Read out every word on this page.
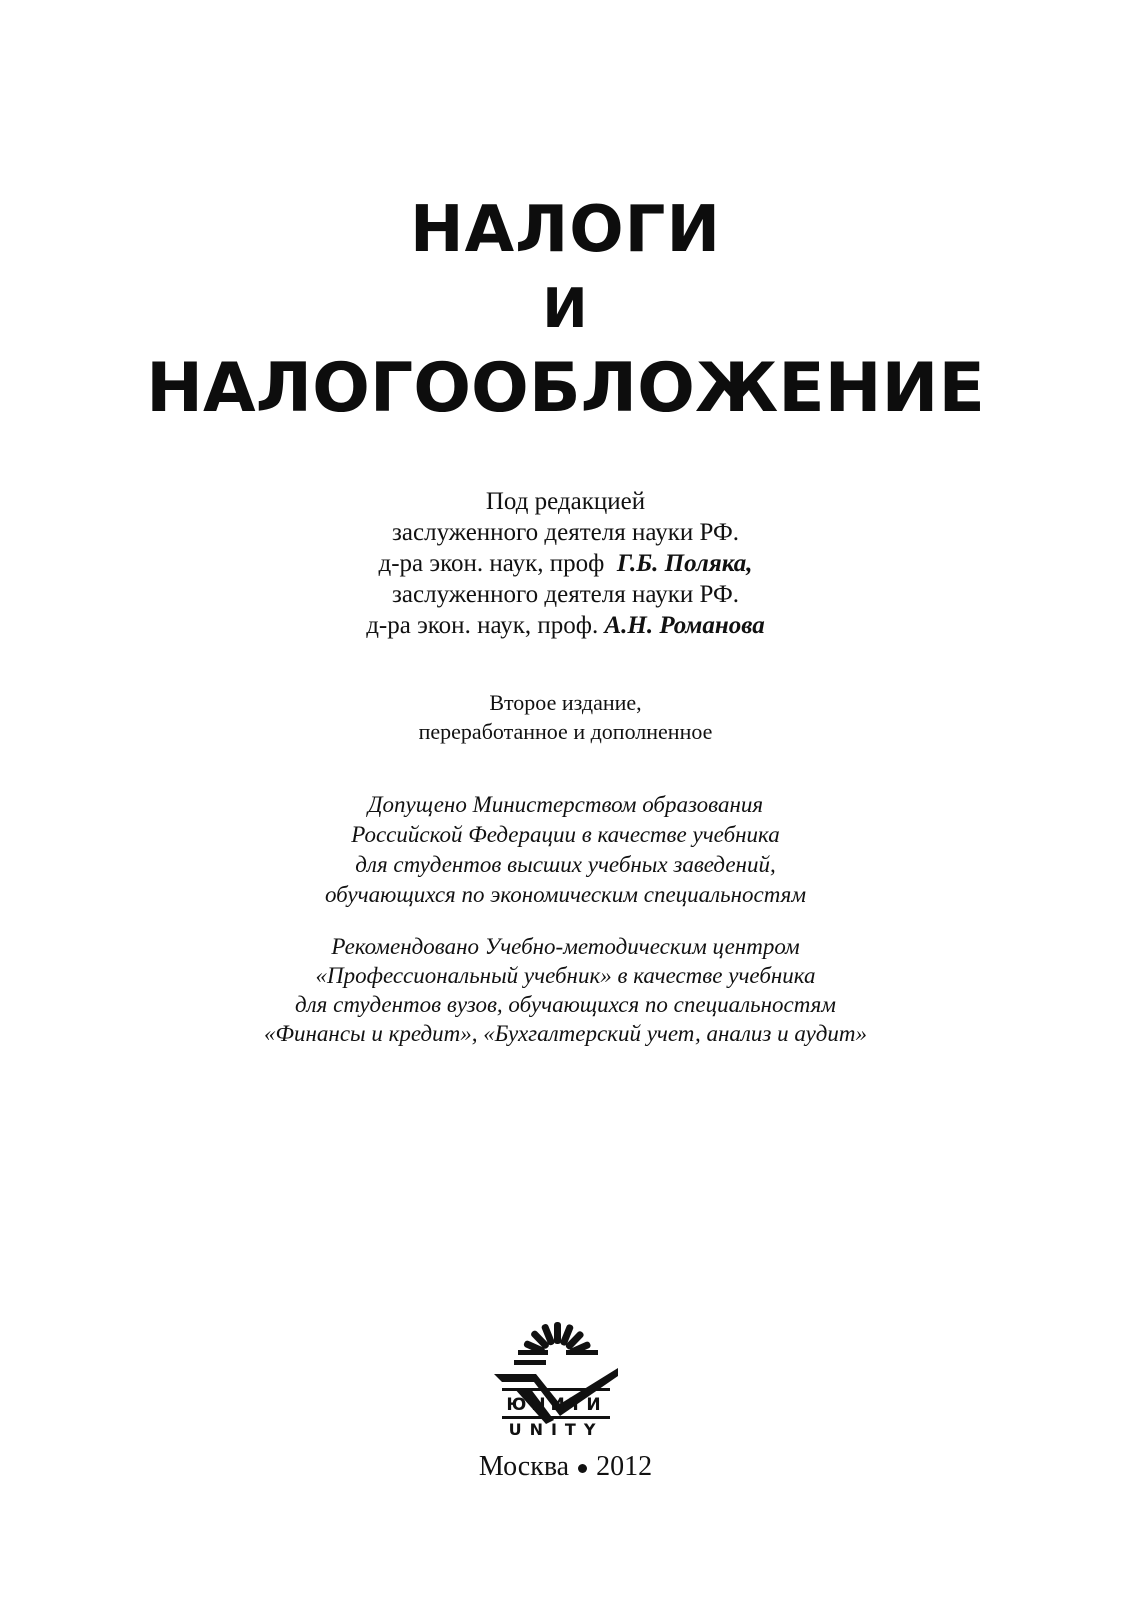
НАЛОГИ
И
НАЛОГООБЛОЖЕНИЕ
Под редакцией
заслуженного деятеля науки РФ.
д-ра экон. наук, проф Г.Б. Поляка,
заслуженного деятеля науки РФ.
д-ра экон. наук, проф. А.Н. Романова
Второе издание,
переработанное и дополненное
Допущено Министерством образования
Российской Федерации в качестве учебника
для студентов высших учебных заведений,
обучающихся по экономическим специальностям
Рекомендовано Учебно-методическим центром
«Профессиональный учебник» в качестве учебника
для студентов вузов, обучающихся по специальностям
«Финансы и кредит», «Бухгалтерский учет, анализ и аудит»
ЮНИТИ
UNITY
Москва 2012
